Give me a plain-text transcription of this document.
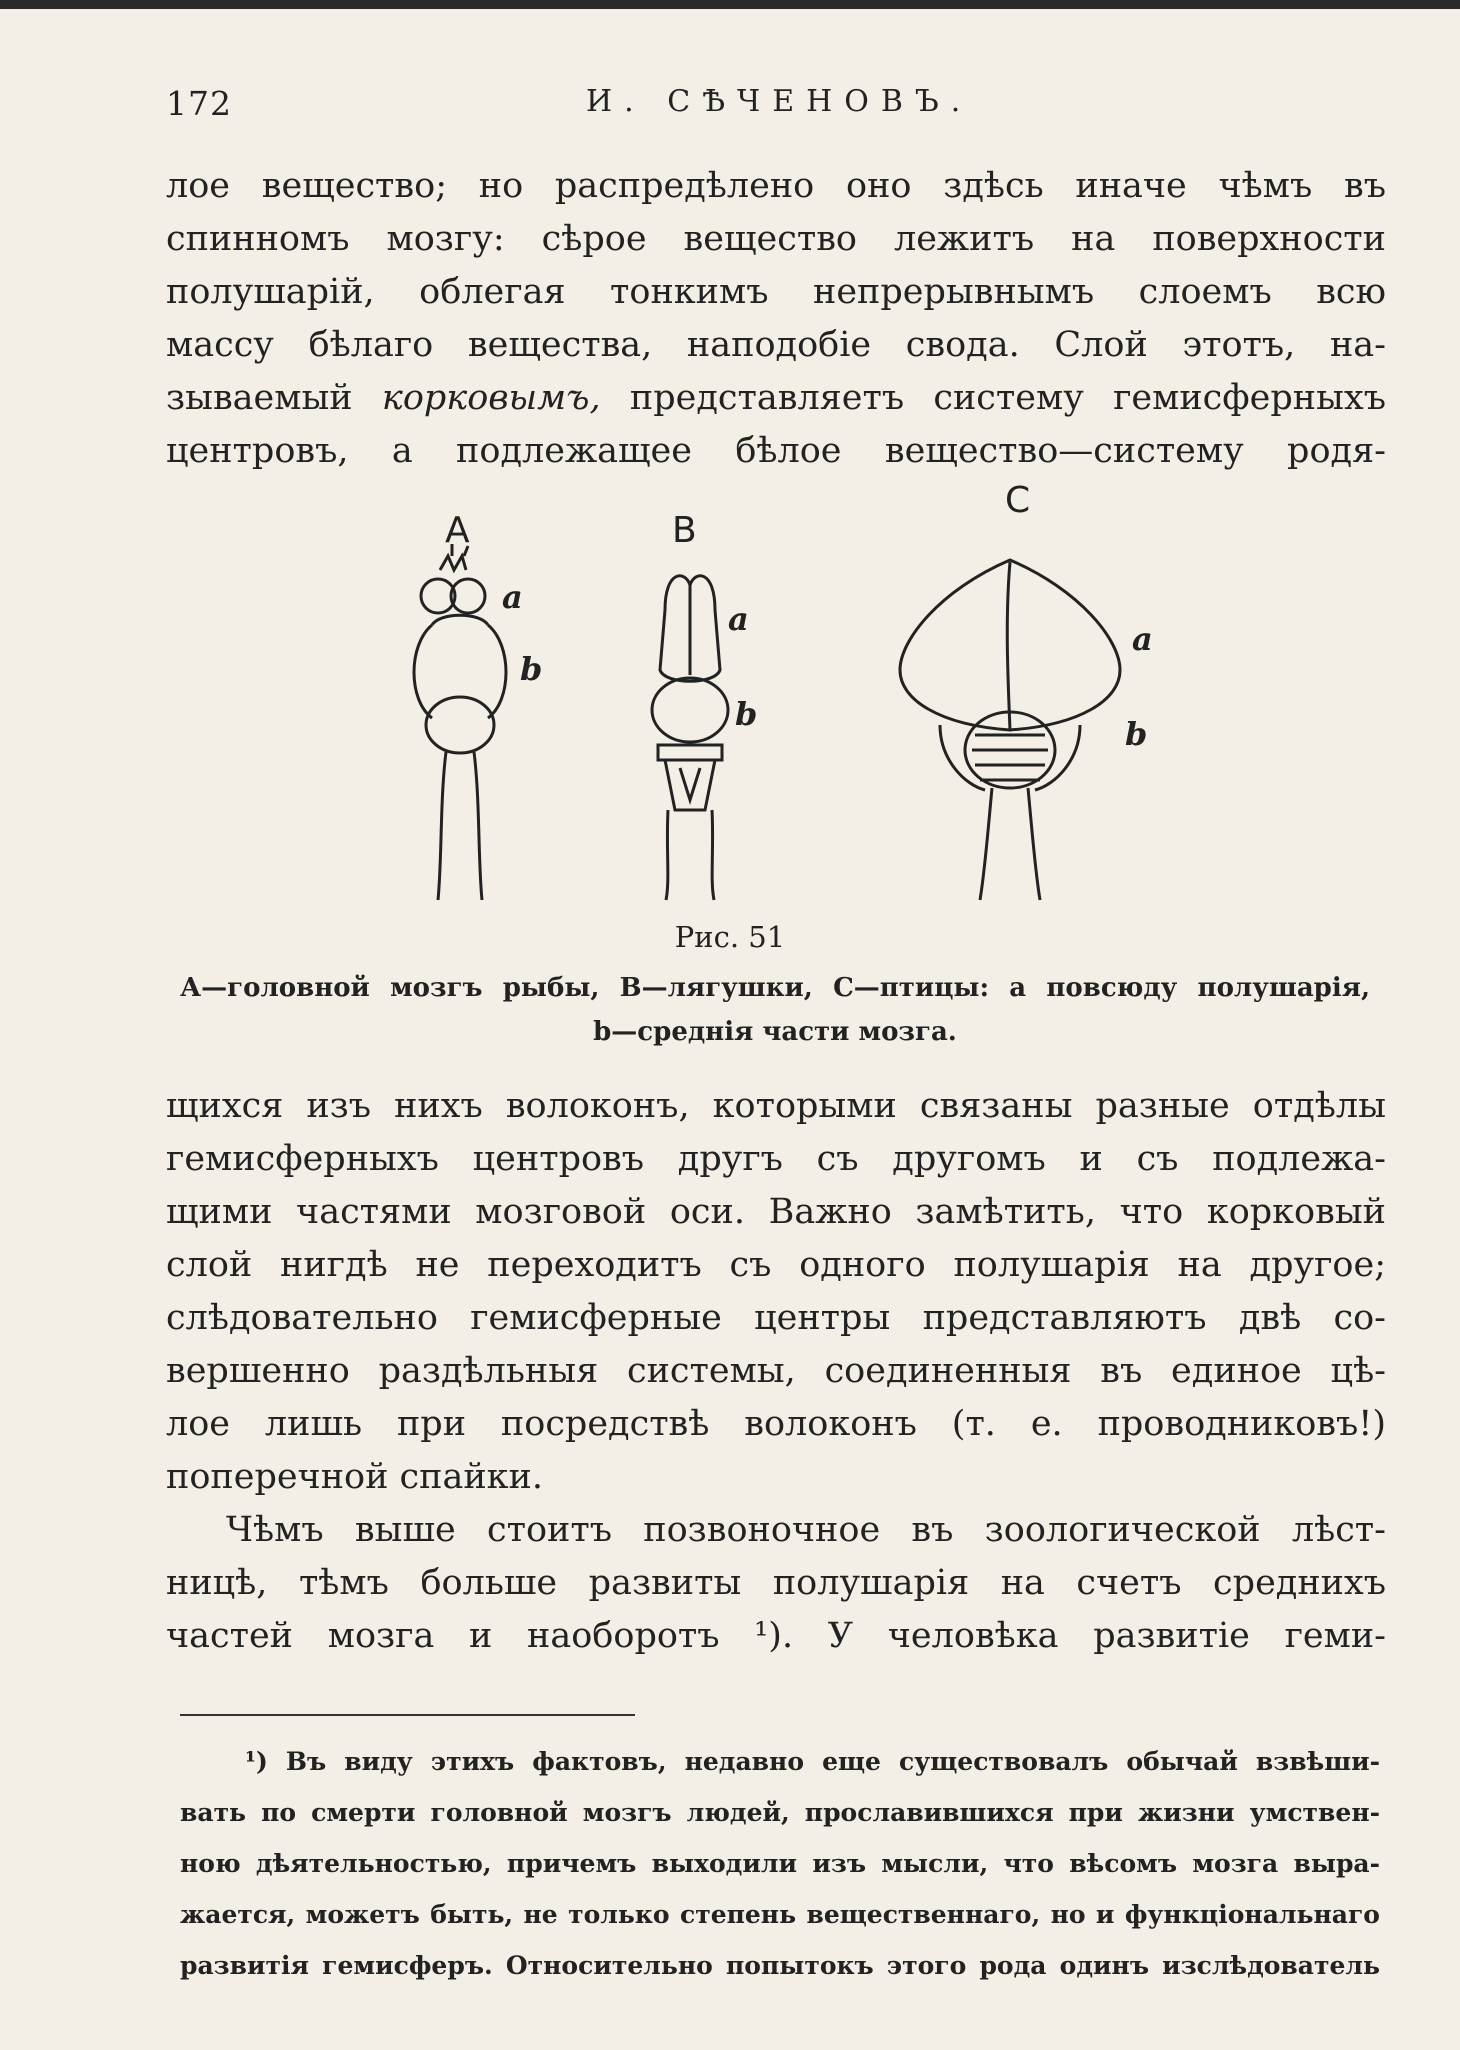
172	И. СѢЧЕНОВЪ.
лое вещество; но распредѣлено оно здѣсь иначе чѣмъ въ
спинномъ мозгу: сѣрое вещество лежитъ на поверхности
полушарій, облегая тонкимъ непрерывнымъ слоемъ всю
массу бѣлаго вещества, наподобіе свода. Слой этотъ, на-
зываемый корковымъ, представляетъ систему гемисферныхъ
центровъ, а подлежащее бѣлое вещество—систему родя-
A	B
C
a
b
a
b
a
b
Рис. 51
А—головной мозгъ рыбы, В—лягушки, С—птицы: а повсюду полушарія,
b—среднія части мозга.
щихся изъ нихъ волоконъ, которыми связаны разные отдѣлы
гемисферныхъ центровъ другъ съ другомъ и съ подлежа-
щими частями мозговой оси. Важно замѣтить, что корковый
слой нигдѣ не переходитъ съ одного полушарія на другое;
слѣдовательно гемисферные центры представляютъ двѣ со-
вершенно раздѣльныя системы, соединенныя въ единое цѣ-
лое лишь при посредствѣ волоконъ (т. е. проводниковъ!)
поперечной спайки.
Чѣмъ выше стоитъ позвоночное въ зоологической лѣст-
ницѣ, тѣмъ больше развиты полушарія на счетъ среднихъ
частей мозга и наоборотъ ¹). У человѣка развитіе геми-
¹) Въ виду этихъ фактовъ, недавно еще существовалъ обычай взвѣши-
вать по смерти головной мозгъ людей, прославившихся при жизни умствен-
ною дѣятельностью, причемъ выходили изъ мысли, что вѣсомъ мозга выра-
жается, можетъ быть, не только степень вещественнаго, но и функціональнаго
развитія гемисферъ. Относительно попытокъ этого рода одинъ изслѣдователь
